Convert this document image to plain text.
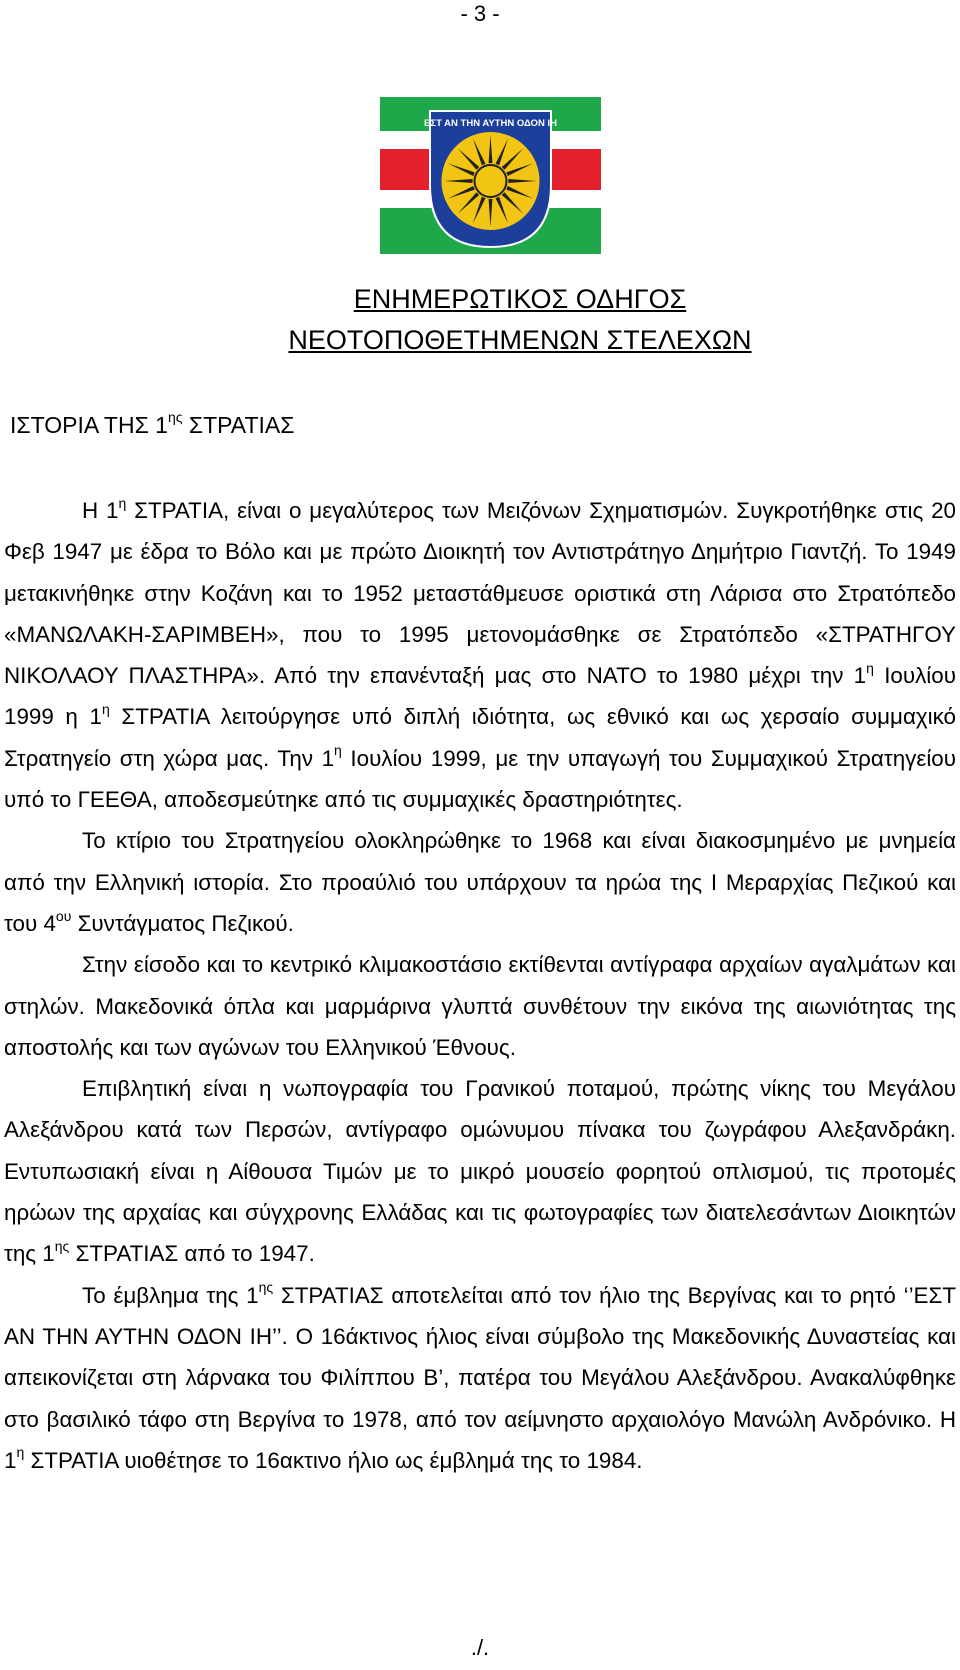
- 3 -
ΕΣΤ ΑΝ ΤΗΝ ΑΥΤΗΝ ΟΔΟΝ ΙΗ
ΕΝΗΜΕΡΩΤΙΚΟΣ ΟΔΗΓΟΣ
ΝΕΟΤΟΠΟΘΕΤΗΜΕΝΩΝ ΣΤΕΛΕΧΩΝ
ΙΣΤΟΡΙΑ ΤΗΣ $1^{\eta\varsigma}$ ΣΤΡΑΤΙΑΣ

Η $1^\eta$ ΣΤΡΑΤΙΑ, είναι ο μεγαλύτερος των Μειζόνων Σχηματισμών. Συγκροτήθηκε στις 20 Φεβ 1947 με έδρα το Βόλο και με πρώτο Διοικητή τον Αντιστράτηγο Δημήτριο Γιαντζή. Το 1949 μετακινήθηκε στην Κοζάνη και το 1952 μεταστάθμευσε οριστικά στη Λάρισα στο Στρατόπεδο «ΜΑΝΩΛΑΚΗ-ΣΑΡΙΜΒΕΗ», που το 1995 μετονομάσθηκε σε Στρατόπεδο «ΣΤΡΑΤΗΓΟΥ ΝΙΚΟΛΑΟΥ ΠΛΑΣΤΗΡΑ». Από την επανένταξή μας στο ΝΑΤΟ το 1980 μέχρι την $1^\eta$ Ιουλίου 1999 η $1^\eta$ ΣΤΡΑΤΙΑ λειτούργησε υπό διπλή ιδιότητα, ως εθνικό και ως χερσαίο συμμαχικό Στρατηγείο στη χώρα μας. Την $1^\eta$ Ιουλίου 1999, με την υπαγωγή του Συμμαχικού Στρατηγείου υπό το ΓΕΕΘΑ, αποδεσμεύτηκε από τις συμμαχικές δραστηριότητες.

Το κτίριο του Στρατηγείου ολοκληρώθηκε το 1968 και είναι διακοσμημένο με μνημεία από την Ελληνική ιστορία. Στο προαύλιό του υπάρχουν τα ηρώα της Ι Μεραρχίας Πεζικού και του $4^{o\upsilon}$ Συντάγματος Πεζικού.

Στην είσοδο και το κεντρικό κλιμακοστάσιο εκτίθενται αντίγραφα αρχαίων αγαλμάτων και στηλών. Μακεδονικά όπλα και μαρμάρινα γλυπτά συνθέτουν την εικόνα της αιωνιότητας της αποστολής και των αγώνων του Ελληνικού Έθνους.

Επιβλητική είναι η νωπογραφία του Γρανικού ποταμού, πρώτης νίκης του Μεγάλου Αλεξάνδρου κατά των Περσών, αντίγραφο ομώνυμου πίνακα του ζωγράφου Αλεξανδράκη. Εντυπωσιακή είναι η Αίθουσα Τιμών με το μικρό μουσείο φορητού οπλισμού, τις προτομές ηρώων της αρχαίας και σύγχρονης Ελλάδας και τις φωτογραφίες των διατελεσάντων Διοικητών της $1^{\eta\varsigma}$ ΣΤΡΑΤΙΑΣ από το 1947.

Το έμβλημα της $1^{\eta\varsigma}$ ΣΤΡΑΤΙΑΣ αποτελείται από τον ήλιο της Βεργίνας και το ρητό ‘’ΕΣΤ ΑΝ ΤΗΝ ΑΥΤΗΝ ΟΔΟΝ ΙΗ’’. Ο 16άκτινος ήλιος είναι σύμβολο της Μακεδονικής Δυναστείας και απεικονίζεται στη λάρνακα του Φιλίππου Β’, πατέρα του Μεγάλου Αλεξάνδρου. Ανακαλύφθηκε στο βασιλικό τάφο στη Βεργίνα το 1978, από τον αείμνηστο αρχαιολόγο Μανώλη Ανδρόνικο. Η $1^\eta$ ΣΤΡΑΤΙΑ υιοθέτησε το 16ακτινο ήλιο ως έμβλημά της το 1984.

./.
